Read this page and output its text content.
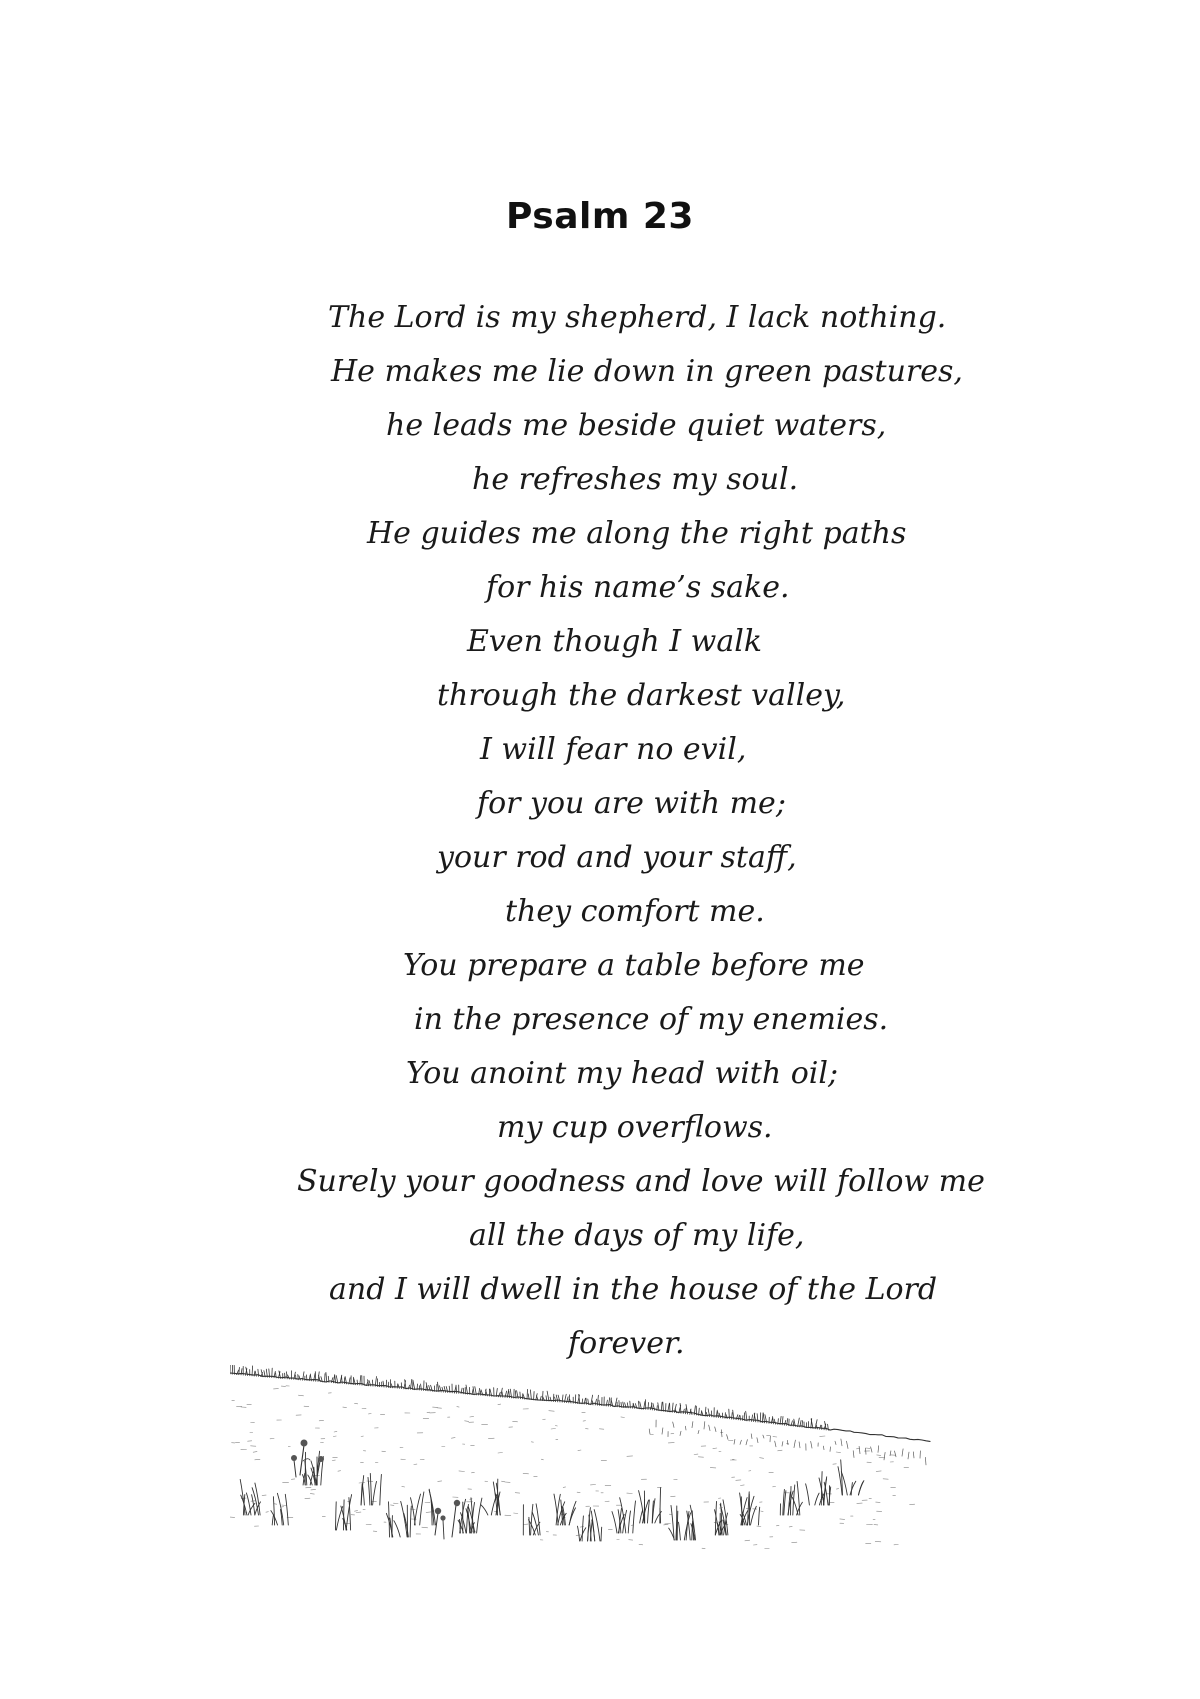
Psalm 23
The Lord is my shepherd, I lack nothing.
He makes me lie down in green pastures,
he leads me beside quiet waters,
he refreshes my soul.
He guides me along the right paths
for his name’s sake.
Even though I walk
through the darkest valley,
I will fear no evil,
for you are with me;
your rod and your staff,
they comfort me.
You prepare a table before me
in the presence of my enemies.
You anoint my head with oil;
my cup overflows.
Surely your goodness and love will follow me
all the days of my life,
and I will dwell in the house of the Lord
forever.
